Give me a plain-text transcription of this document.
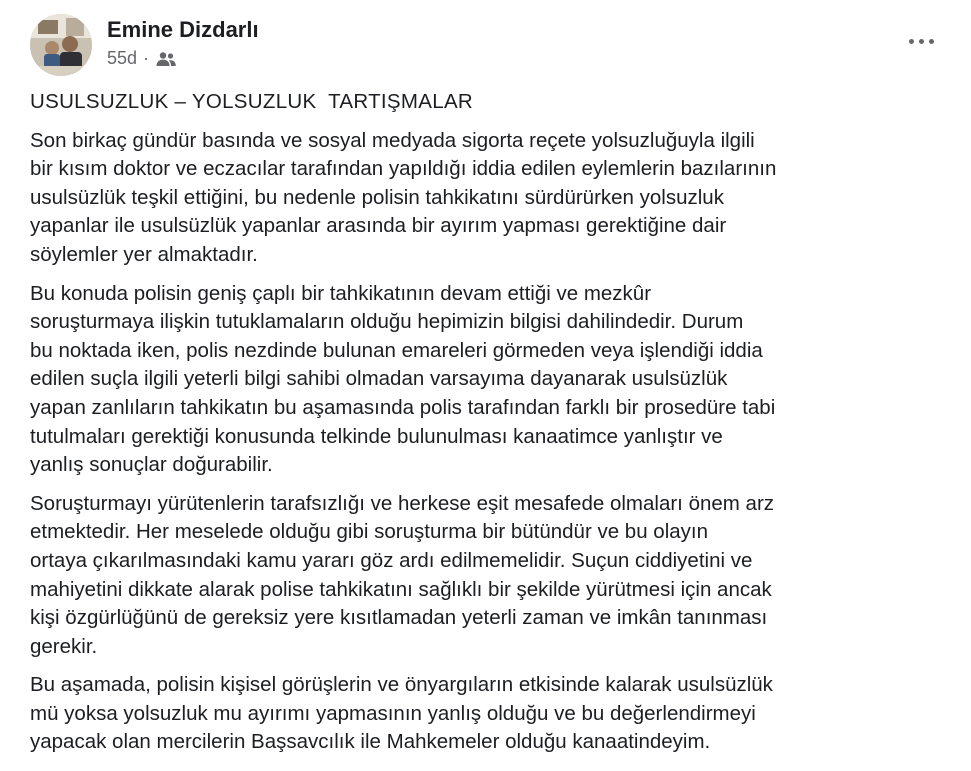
Emine Dizdarlı
55d ·
USULSUZLUK – YOLSUZLUK  TARTIŞMALAR
Son birkaç gündür basında ve sosyal medyada sigorta reçete yolsuzluğuyla ilgili
bir kısım doktor ve eczacılar tarafından yapıldığı iddia edilen eylemlerin bazılarının
usulsüzlük teşkil ettiğini, bu nedenle polisin tahkikatını sürdürürken yolsuzluk
yapanlar ile usulsüzlük yapanlar arasında bir ayırım yapması gerektiğine dair
söylemler yer almaktadır.
Bu konuda polisin geniş çaplı bir tahkikatının devam ettiği ve mezkûr
soruşturmaya ilişkin tutuklamaların olduğu hepimizin bilgisi dahilindedir. Durum
bu noktada iken, polis nezdinde bulunan emareleri görmeden veya işlendiği iddia
edilen suçla ilgili yeterli bilgi sahibi olmadan varsayıma dayanarak usulsüzlük
yapan zanlıların tahkikatın bu aşamasında polis tarafından farklı bir prosedüre tabi
tutulmaları gerektiği konusunda telkinde bulunulması kanaatimce yanlıştır ve
yanlış sonuçlar doğurabilir.
Soruşturmayı yürütenlerin tarafsızlığı ve herkese eşit mesafede olmaları önem arz
etmektedir. Her meselede olduğu gibi soruşturma bir bütündür ve bu olayın
ortaya çıkarılmasındaki kamu yararı göz ardı edilmemelidir. Suçun ciddiyetini ve
mahiyetini dikkate alarak polise tahkikatını sağlıklı bir şekilde yürütmesi için ancak
kişi özgürlüğünü de gereksiz yere kısıtlamadan yeterli zaman ve imkân tanınması
gerekir.
Bu aşamada, polisin kişisel görüşlerin ve önyargıların etkisinde kalarak usulsüzlük
mü yoksa yolsuzluk mu ayırımı yapmasının yanlış olduğu ve bu değerlendirmeyi
yapacak olan mercilerin Başsavcılık ile Mahkemeler olduğu kanaatindeyim.
